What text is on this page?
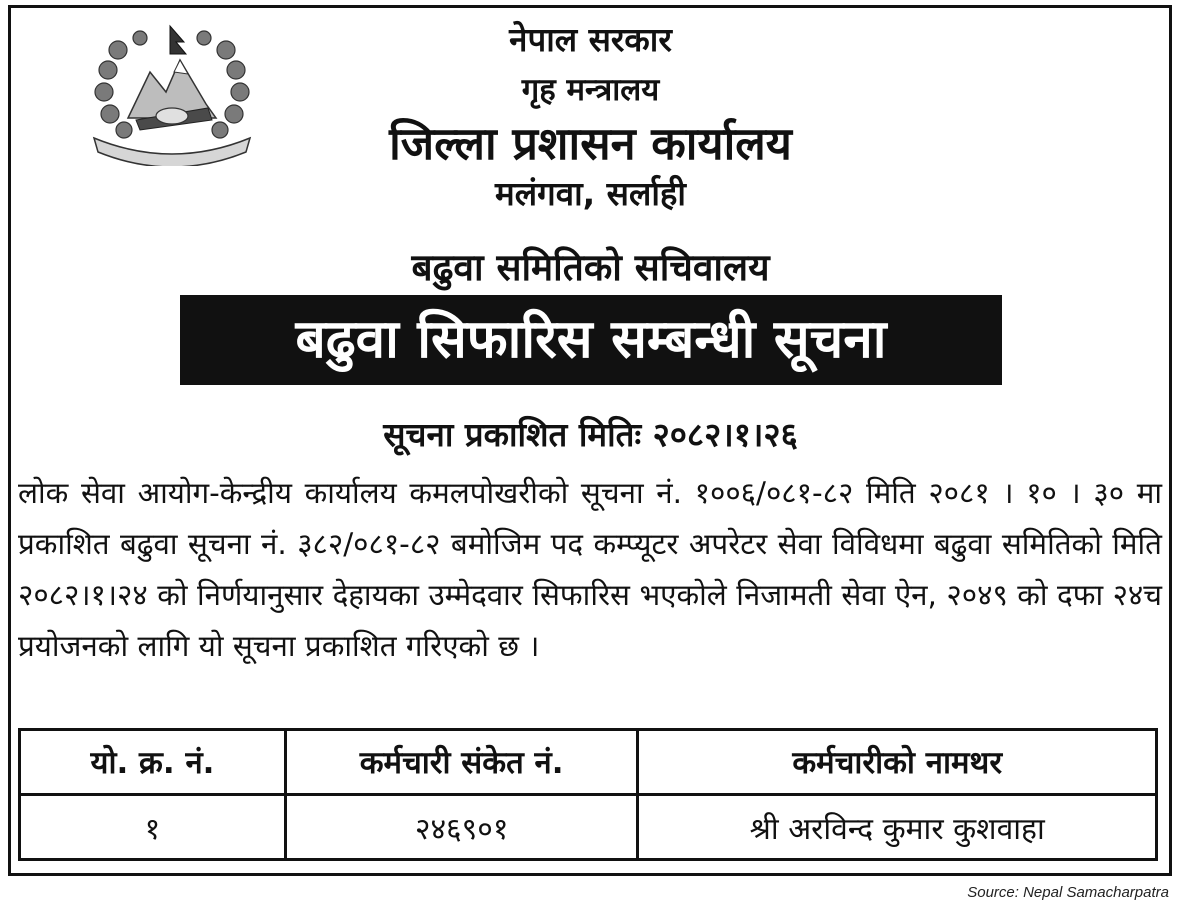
नेपाल सरकार
गृह मन्त्रालय
जिल्ला प्रशासन कार्यालय
मलंगवा, सर्लाही
बढुवा समितिको सचिवालय
बढुवा सिफारिस सम्बन्धी सूचना
सूचना प्रकाशित मितिः २०८२।१।२६
लोक सेवा आयोग-केन्द्रीय कार्यालय कमलपोखरीको सूचना नं. १००६/०८१-८२ मिति २०८१ । १० । ३० मा प्रकाशित बढुवा सूचना नं. ३८२/०८१-८२ बमोजिम पद कम्प्यूटर अपरेटर सेवा विविधमा बढुवा समितिको मिति २०८२।१।२४ को निर्णयानुसार देहायका उम्मेदवार सिफारिस भएकोले निजामती सेवा ऐन, २०४९ को दफा २४च प्रयोजनको लागि यो सूचना प्रकाशित गरिएको छ ।
यो. क्र. नं.	कर्मचारी संकेत नं.	कर्मचारीको नामथर
१	२४६९०१	श्री अरविन्द कुमार कुशवाहा
Source: Nepal Samacharpatra
